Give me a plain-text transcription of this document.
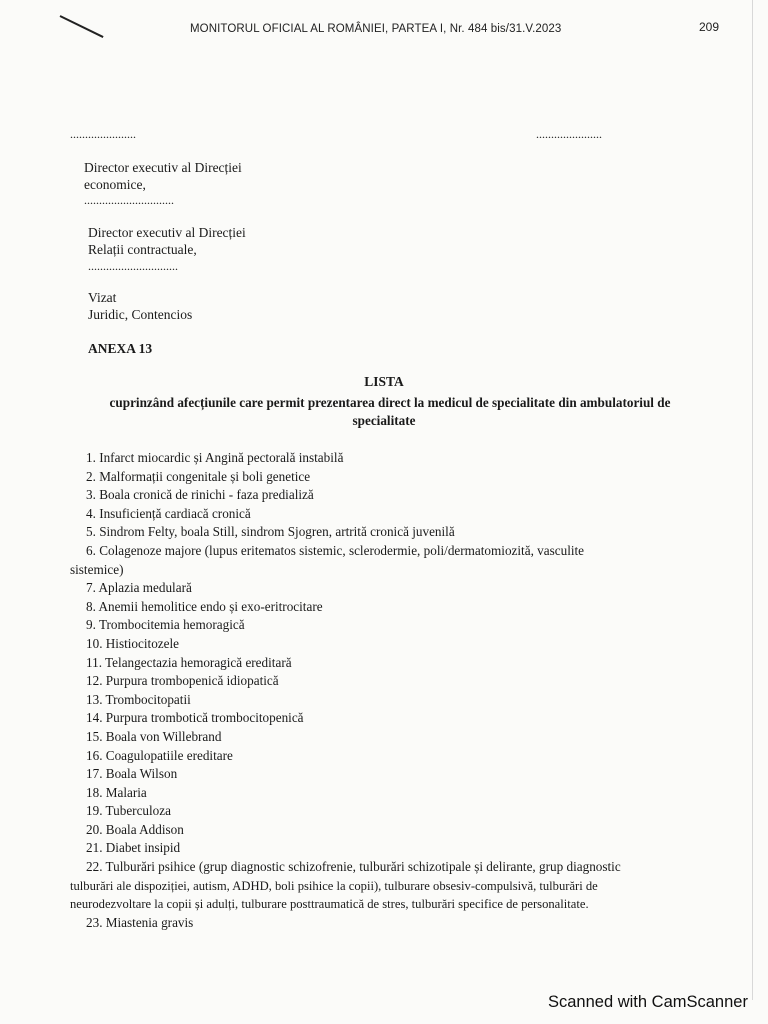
MONITORUL OFICIAL AL ROMÂNIEI, PARTEA I, Nr. 484 bis/31.V.2023	209
......................	......................
Director executiv al Direcției
economice,
..............................
Director executiv al Direcției
Relații contractuale,
..............................
Vizat
Juridic, Contencios
ANEXA 13
LISTA
cuprinzând afecțiunile care permit prezentarea direct la medicul de specialitate din ambulatoriul de
specialitate
1. Infarct miocardic și Angină pectorală instabilă
2. Malformații congenitale și boli genetice
3. Boala cronică de rinichi - faza predializă
4. Insuficiență cardiacă cronică
5. Sindrom Felty, boala Still, sindrom Sjogren, artrită cronică juvenilă
6. Colagenoze majore (lupus eritematos sistemic, sclerodermie, poli/dermatomiozită, vasculite
sistemice)
7. Aplazia medulară
8. Anemii hemolitice endo și exo-eritrocitare
9. Trombocitemia hemoragică
10. Histiocitozele
11. Telangectazia hemoragică ereditară
12. Purpura trombopenică idiopatică
13. Trombocitopatii
14. Purpura trombotică trombocitopenică
15. Boala von Willebrand
16. Coagulopatiile ereditare
17. Boala Wilson
18. Malaria
19. Tuberculoza
20. Boala Addison
21. Diabet insipid
22. Tulburări psihice (grup diagnostic schizofrenie, tulburări schizotipale și delirante, grup diagnostic
tulburări ale dispoziției, autism, ADHD, boli psihice la copii), tulburare obsesiv-compulsivă, tulburări de
neurodezvoltare la copii și adulți, tulburare posttraumatică de stres, tulburări specifice de personalitate.
23. Miastenia gravis
Scanned with CamScanner
